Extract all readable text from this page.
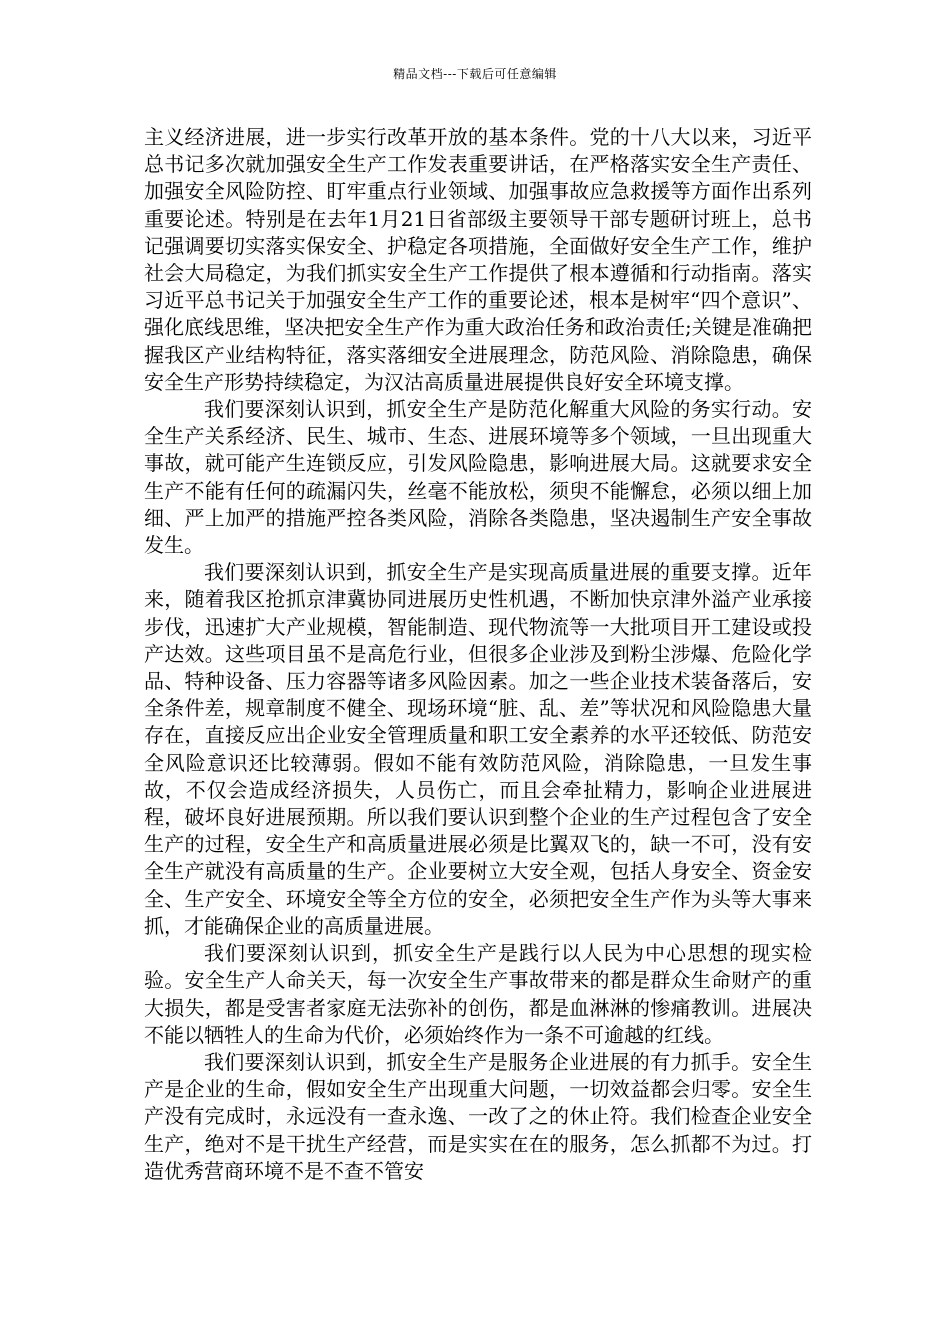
精品文档---下载后可任意编辑

主义经济进展，进一步实行改革开放的基本条件。党的十八大以来，习近平总书记多次就加强安全生产工作发表重要讲话，在严格落实安全生产责任、加强安全风险防控、盯牢重点行业领域、加强事故应急救援等方面作出系列重要论述。特别是在去年1月21日省部级主要领导干部专题研讨班上，总书记强调要切实落实保安全、护稳定各项措施，全面做好安全生产工作，维护社会大局稳定，为我们抓实安全生产工作提供了根本遵循和行动指南。落实习近平总书记关于加强安全生产工作的重要论述，根本是树牢“四个意识”、强化底线思维，坚决把安全生产作为重大政治任务和政治责任;关键是准确把握我区产业结构特征，落实落细安全进展理念，防范风险、消除隐患，确保安全生产形势持续稳定，为汉沽高质量进展提供良好安全环境支撑。

我们要深刻认识到，抓安全生产是防范化解重大风险的务实行动。安全生产关系经济、民生、城市、生态、进展环境等多个领域，一旦出现重大事故，就可能产生连锁反应，引发风险隐患，影响进展大局。这就要求安全生产不能有任何的疏漏闪失，丝毫不能放松，须臾不能懈怠，必须以细上加细、严上加严的措施严控各类风险，消除各类隐患，坚决遏制生产安全事故发生。

我们要深刻认识到，抓安全生产是实现高质量进展的重要支撑。近年来，随着我区抢抓京津冀协同进展历史性机遇，不断加快京津外溢产业承接步伐，迅速扩大产业规模，智能制造、现代物流等一大批项目开工建设或投产达效。这些项目虽不是高危行业，但很多企业涉及到粉尘涉爆、危险化学品、特种设备、压力容器等诸多风险因素。加之一些企业技术装备落后，安全条件差，规章制度不健全、现场环境“脏、乱、差”等状况和风险隐患大量存在，直接反应出企业安全管理质量和职工安全素养的水平还较低、防范安全风险意识还比较薄弱。假如不能有效防范风险，消除隐患，一旦发生事故，不仅会造成经济损失，人员伤亡，而且会牵扯精力，影响企业进展进程，破坏良好进展预期。所以我们要认识到整个企业的生产过程包含了安全生产的过程，安全生产和高质量进展必须是比翼双飞的，缺一不可，没有安全生产就没有高质量的生产。企业要树立大安全观，包括人身安全、资金安全、生产安全、环境安全等全方位的安全，必须把安全生产作为头等大事来抓，才能确保企业的高质量进展。

我们要深刻认识到，抓安全生产是践行以人民为中心思想的现实检验。安全生产人命关天，每一次安全生产事故带来的都是群众生命财产的重大损失，都是受害者家庭无法弥补的创伤，都是血淋淋的惨痛教训。进展决不能以牺牲人的生命为代价，必须始终作为一条不可逾越的红线。

我们要深刻认识到，抓安全生产是服务企业进展的有力抓手。安全生产是企业的生命，假如安全生产出现重大问题，一切效益都会归零。安全生产没有完成时，永远没有一查永逸、一改了之的休止符。我们检查企业安全生产，绝对不是干扰生产经营，而是实实在在的服务，怎么抓都不为过。打造优秀营商环境不是不查不管安
